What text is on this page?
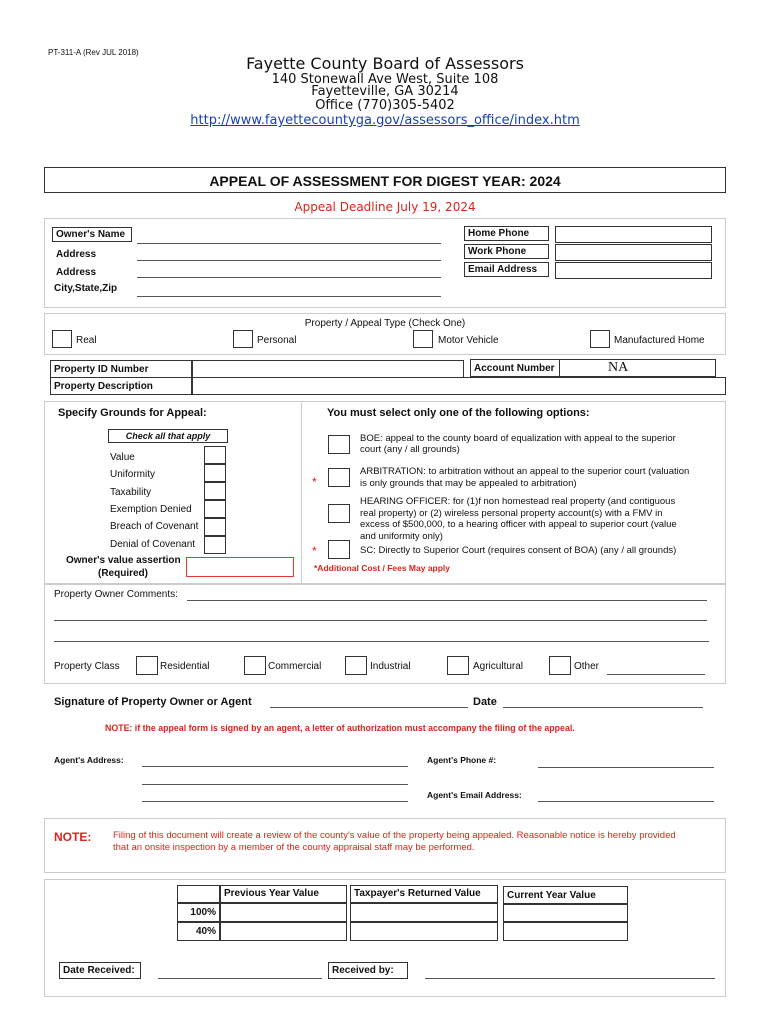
PT-311-A (Rev JUL 2018)
Fayette County Board of Assessors
140 Stonewall Ave West, Suite 108
Fayetteville, GA 30214
Office (770)305-5402
http://www.fayettecountyga.gov/assessors_office/index.htm
APPEAL OF ASSESSMENT FOR DIGEST YEAR: 2024
Appeal Deadline July 19, 2024
Owner's Name
Address
Address
City,State,Zip
Home Phone
Work Phone
Email Address
Property / Appeal Type (Check One)
Real	Personal	Motor Vehicle	Manufactured Home
Property ID Number
Property Description
Account Number	NA
Specify Grounds for Appeal:
Check all that apply
Value
Uniformity
Taxability
Exemption Denied
Breach of Covenant
Denial of Covenant
Owner's value assertion
(Required)
You must select only one of the following options:
BOE: appeal to the county board of equalization with appeal to the superior
court (any / all grounds)
*
ARBITRATION: to arbitration without an appeal to the superior court (valuation
is only grounds that may be appealed to arbitration)
HEARING OFFICER: for (1)f non homestead real property (and contiguous
real property) or (2) wireless personal property account(s) with a FMV in
excess of $500,000, to a hearing officer with appeal to superior court (value
and uniformity only)
*	SC: Directly to Superior Court (requires consent of BOA) (any / all grounds)
*Additional Cost / Fees May apply
Property Owner Comments:
Property Class	Residential	Commercial	Industrial	Agricultural	Other
Signature of Property Owner or Agent	Date
NOTE: if the appeal form is signed by an agent, a letter of authorization must accompany the filing of the appeal.
Agent's Address:	Agent's Phone #:
Agent's Email Address:
NOTE: Filing of this document will create a review of the county's value of the property being appealed. Reasonable notice is hereby provided
that an onsite inspection by a member of the county appraisal staff may be performed.
Previous Year Value	Taxpayer's Returned Value	Current Year Value
100%
40%
Date Received:	Received by:
